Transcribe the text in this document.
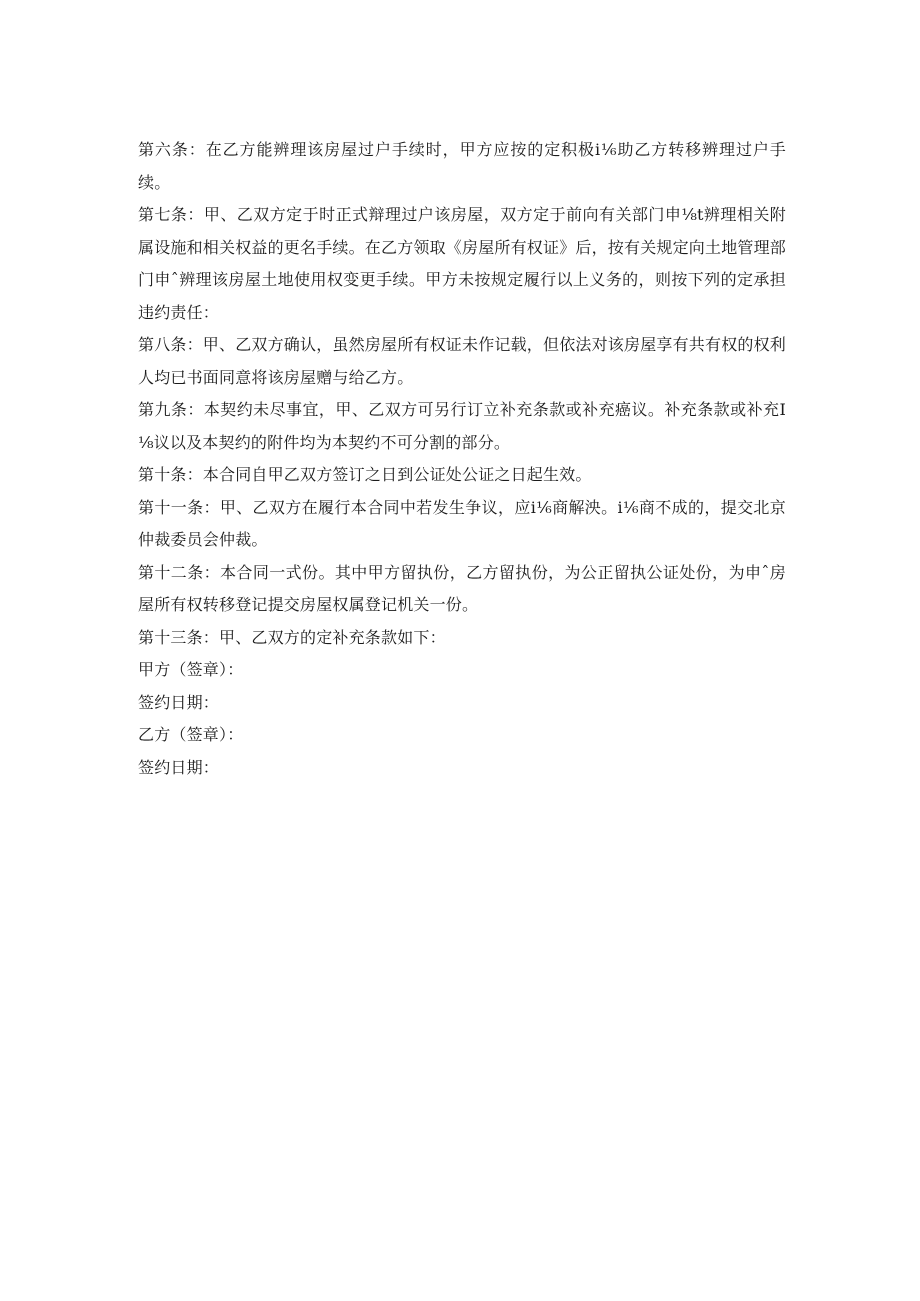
第六条：在乙方能辨理该房屋过户手续时，甲方应按的定积极i⅙助乙方转移辨理过户手续。

第七条：甲、乙双方定于时正式辩理过户该房屋，双方定于前向有关部门申⅛t辨理相关附属设施和相关权益的更名手续。在乙方领取《房屋所有权证》后，按有关规定向土地管理部门申ˆ辨理该房屋土地使用权变更手续。甲方未按规定履行以上义务的，则按下列的定承担违约责任：

第八条：甲、乙双方确认，虽然房屋所有权证未作记载，但依法对该房屋享有共有权的权利人均已书面同意将该房屋赠与给乙方。

第九条：本契约未尽事宜，甲、乙双方可另行订立补充条款或补充癌议。补充条款或补充I⅛议以及本契约的附件均为本契约不可分割的部分。

第十条：本合同自甲乙双方签订之日到公证处公证之日起生效。

第十一条：甲、乙双方在履行本合同中若发生争议，应i⅙商解泱。i⅙商不成的，提交北京仲裁委员会仲裁。

第十二条：本合同一式份。其中甲方留执份，乙方留执份，为公正留执公证处份，为申ˆ房屋所有权转移登记提交房屋权属登记机关一份。

第十三条：甲、乙双方的定补充条款如下：

甲方（签章）：

签约日期：

乙方（签章）：

签约日期：
